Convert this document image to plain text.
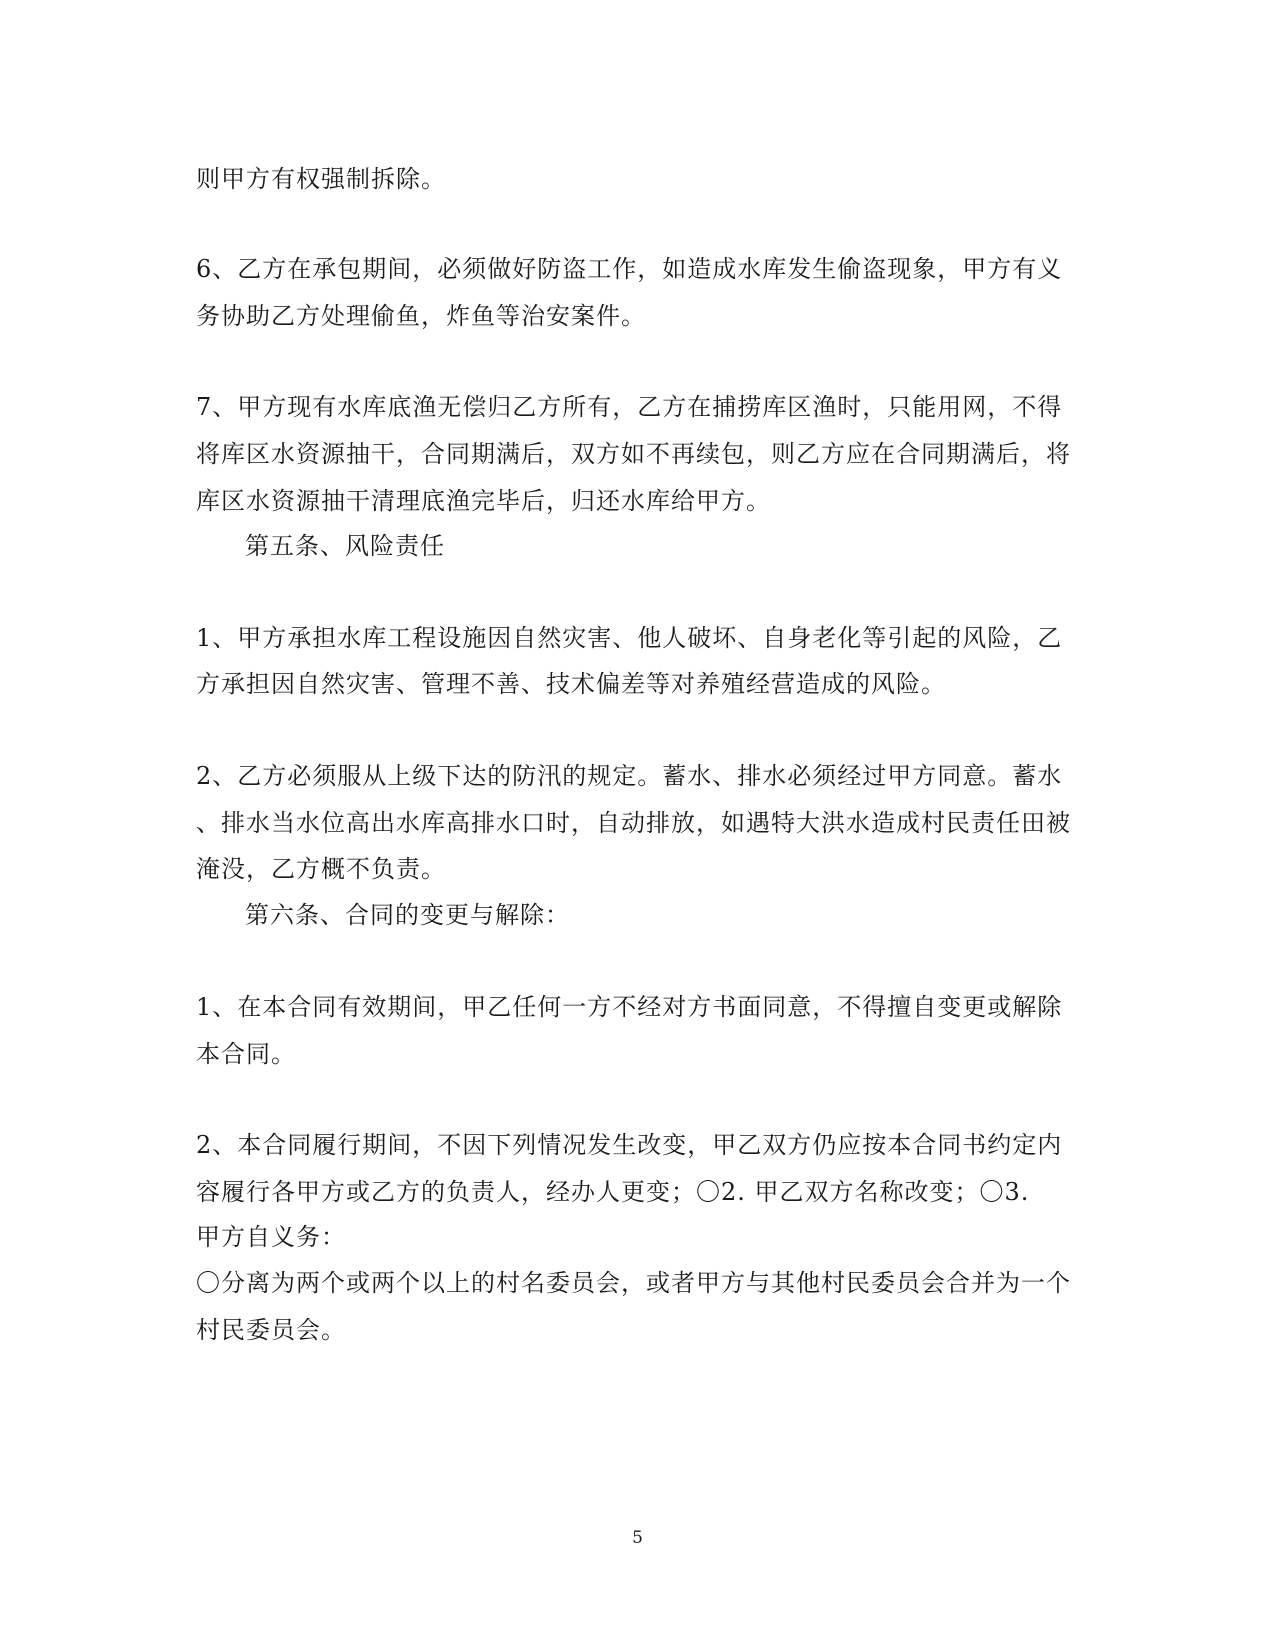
则甲方有权强制拆除。
6、乙方在承包期间，必须做好防盗工作，如造成水库发生偷盗现象，甲方有义
务协助乙方处理偷鱼，炸鱼等治安案件。
7、甲方现有水库底渔无偿归乙方所有，乙方在捕捞库区渔时，只能用网，不得
将库区水资源抽干，合同期满后，双方如不再续包，则乙方应在合同期满后，将
库区水资源抽干清理底渔完毕后，归还水库给甲方。
第五条、风险责任
1、甲方承担水库工程设施因自然灾害、他人破坏、自身老化等引起的风险，乙
方承担因自然灾害、管理不善、技术偏差等对养殖经营造成的风险。
2、乙方必须服从上级下达的防汛的规定。蓄水、排水必须经过甲方同意。蓄水
、排水当水位高出水库高排水口时，自动排放，如遇特大洪水造成村民责任田被
淹没，乙方概不负责。
第六条、合同的变更与解除：
1、在本合同有效期间，甲乙任何一方不经对方书面同意，不得擅自变更或解除
本合同。
2、本合同履行期间，不因下列情况发生改变，甲乙双方仍应按本合同书约定内
容履行各甲方或乙方的负责人，经办人更变；〇2. 甲乙双方名称改变；〇3.
甲方自义务：
〇分离为两个或两个以上的村名委员会，或者甲方与其他村民委员会合并为一个
村民委员会。
5
